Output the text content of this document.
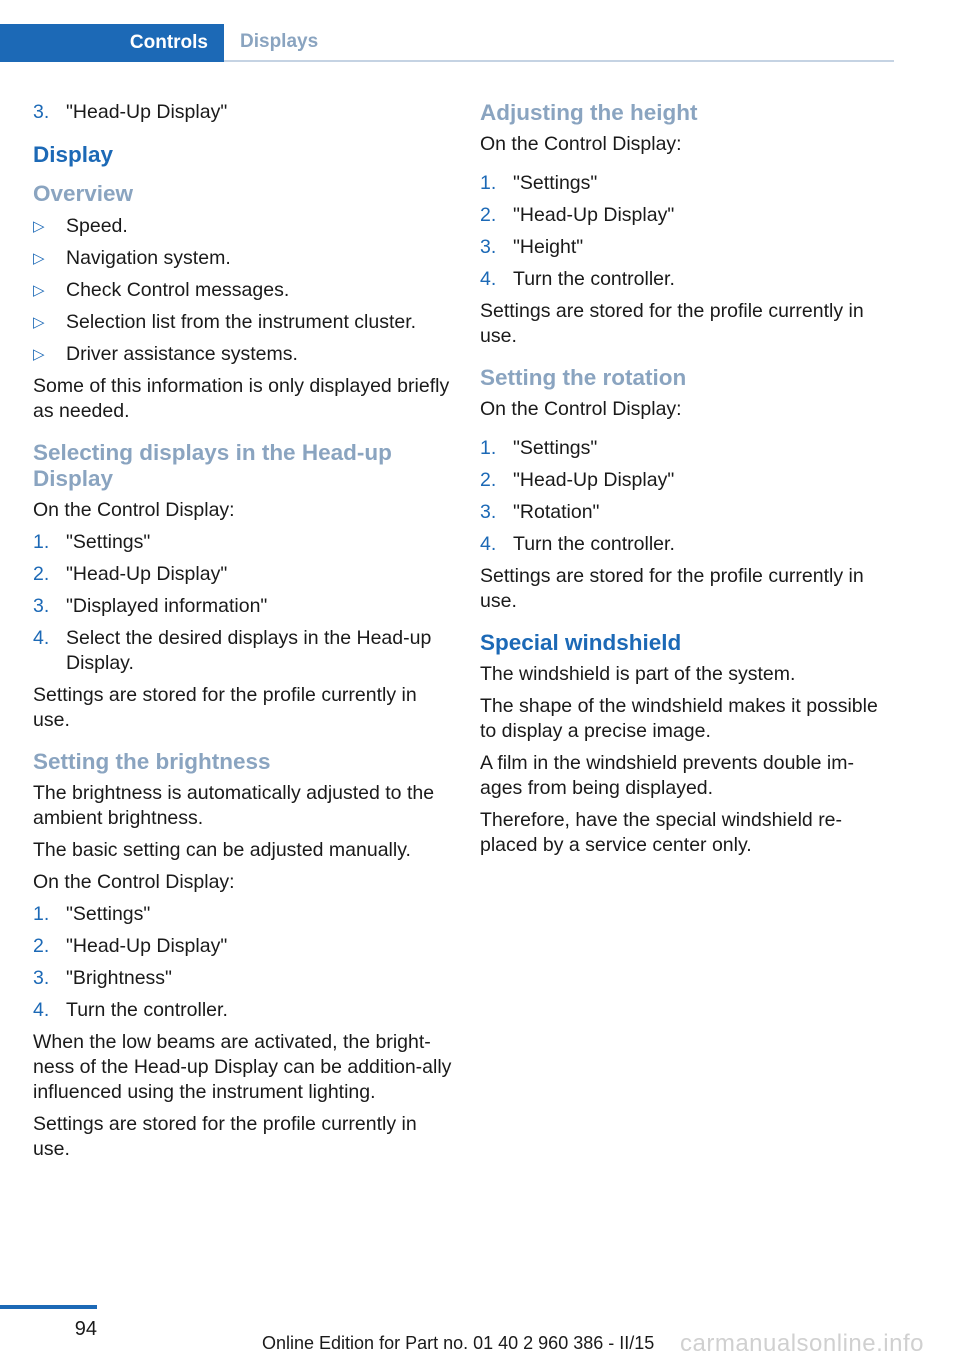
Controls	Displays
3. "Head-Up Display"
Display
Overview
▷	Speed.
▷	Navigation system.
▷	Check Control messages.
▷	Selection list from the instrument cluster.
▷	Driver assistance systems.
Some of this information is only displayed briefly as needed.
Selecting displays in the Head-up Display
On the Control Display:
1. "Settings"
2. "Head-Up Display"
3. "Displayed information"
4. Select the desired displays in the Head-up Display.
Settings are stored for the profile currently in use.
Setting the brightness
The brightness is automatically adjusted to the ambient brightness.
The basic setting can be adjusted manually.
On the Control Display:
1. "Settings"
2. "Head-Up Display"
3. "Brightness"
4. Turn the controller.
When the low beams are activated, the bright-ness of the Head-up Display can be addition-ally influenced using the instrument lighting.
Settings are stored for the profile currently in use.
Adjusting the height
On the Control Display:
1. "Settings"
2. "Head-Up Display"
3. "Height"
4. Turn the controller.
Settings are stored for the profile currently in use.
Setting the rotation
On the Control Display:
1. "Settings"
2. "Head-Up Display"
3. "Rotation"
4. Turn the controller.
Settings are stored for the profile currently in use.
Special windshield
The windshield is part of the system.
The shape of the windshield makes it possible to display a precise image.
A film in the windshield prevents double im-ages from being displayed.
Therefore, have the special windshield re-placed by a service center only.
94
Online Edition for Part no. 01 40 2 960 386 - II/15 carmanualsonline.info
